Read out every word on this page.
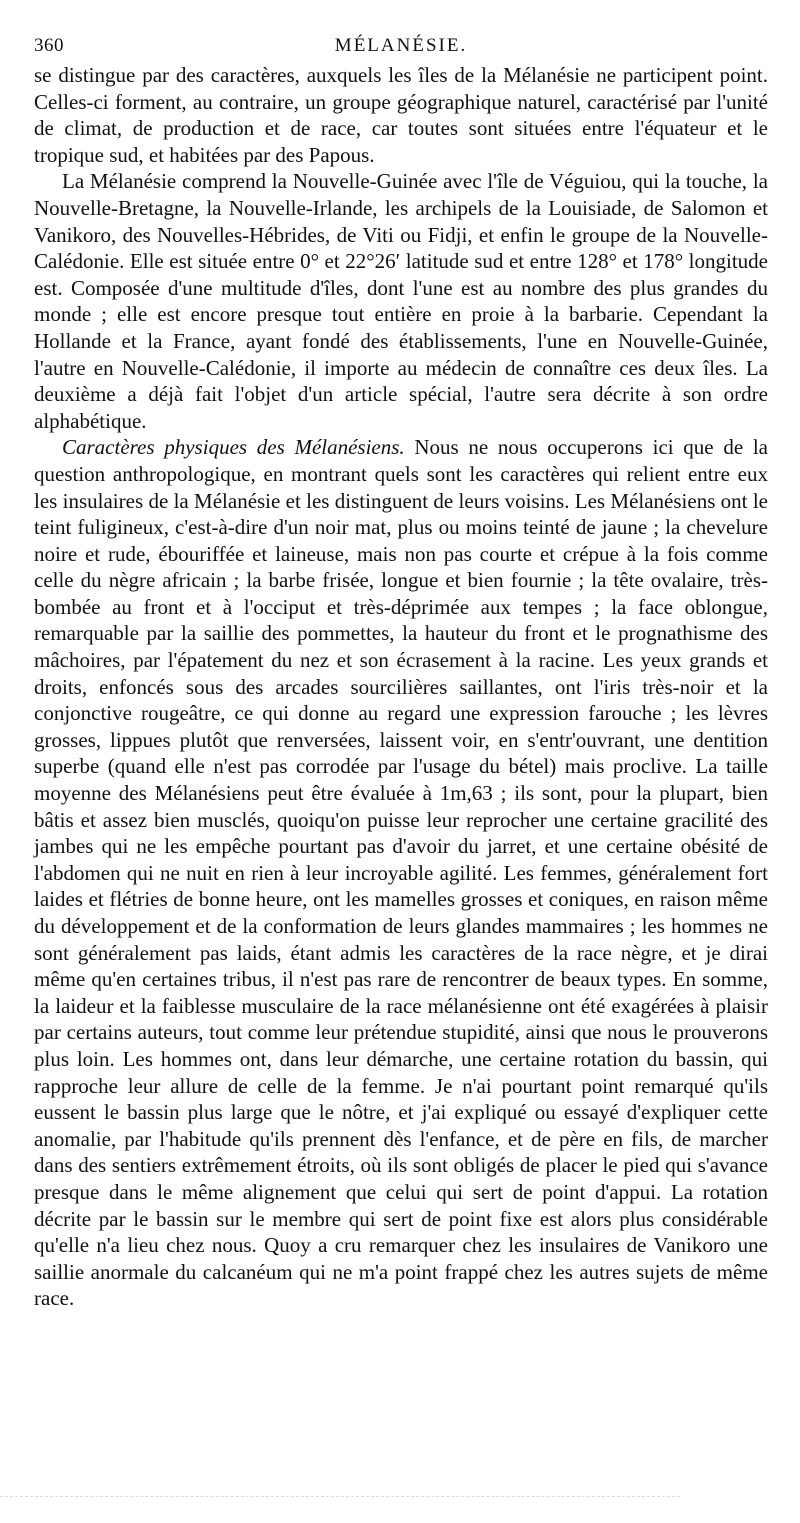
360	MÉLANÉSIE.

se distingue par des caractères, auxquels les îles de la Mélanésie ne participent point. Celles-ci forment, au contraire, un groupe géographique naturel, caractérisé par l'unité de climat, de production et de race, car toutes sont situées entre l'équateur et le tropique sud, et habitées par des Papous.

La Mélanésie comprend la Nouvelle-Guinée avec l'île de Véguiou, qui la touche, la Nouvelle-Bretagne, la Nouvelle-Irlande, les archipels de la Louisiade, de Salomon et Vanikoro, des Nouvelles-Hébrides, de Viti ou Fidji, et enfin le groupe de la Nouvelle-Calédonie. Elle est située entre 0° et 22°26′ latitude sud et entre 128° et 178° longitude est. Composée d'une multitude d'îles, dont l'une est au nombre des plus grandes du monde ; elle est encore presque tout entière en proie à la barbarie. Cependant la Hollande et la France, ayant fondé des établissements, l'une en Nouvelle-Guinée, l'autre en Nouvelle-Calédonie, il importe au médecin de connaître ces deux îles. La deuxième a déjà fait l'objet d'un article spécial, l'autre sera décrite à son ordre alphabétique.

Caractères physiques des Mélanésiens. Nous ne nous occuperons ici que de la question anthropologique, en montrant quels sont les caractères qui relient entre eux les insulaires de la Mélanésie et les distinguent de leurs voisins. Les Mélanésiens ont le teint fuligineux, c'est-à-dire d'un noir mat, plus ou moins teinté de jaune ; la chevelure noire et rude, ébouriffée et laineuse, mais non pas courte et crépue à la fois comme celle du nègre africain ; la barbe frisée, longue et bien fournie ; la tête ovalaire, très-bombée au front et à l'occiput et très-déprimée aux tempes ; la face oblongue, remarquable par la saillie des pommettes, la hauteur du front et le prognathisme des mâchoires, par l'épatement du nez et son écrasement à la racine. Les yeux grands et droits, enfoncés sous des arcades sourcilières saillantes, ont l'iris très-noir et la conjonctive rougeâtre, ce qui donne au regard une expression farouche ; les lèvres grosses, lippues plutôt que renversées, laissent voir, en s'entr'ouvrant, une dentition superbe (quand elle n'est pas corrodée par l'usage du bétel) mais proclive. La taille moyenne des Mélanésiens peut être évaluée à 1m,63 ; ils sont, pour la plupart, bien bâtis et assez bien musclés, quoiqu'on puisse leur reprocher une certaine gracilité des jambes qui ne les empêche pourtant pas d'avoir du jarret, et une certaine obésité de l'abdomen qui ne nuit en rien à leur incroyable agilité. Les femmes, généralement fort laides et flétries de bonne heure, ont les mamelles grosses et coniques, en raison même du développement et de la conformation de leurs glandes mammaires ; les hommes ne sont généralement pas laids, étant admis les caractères de la race nègre, et je dirai même qu'en certaines tribus, il n'est pas rare de rencontrer de beaux types. En somme, la laideur et la faiblesse musculaire de la race mélanésienne ont été exagérées à plaisir par certains auteurs, tout comme leur prétendue stupidité, ainsi que nous le prouverons plus loin. Les hommes ont, dans leur démarche, une certaine rotation du bassin, qui rapproche leur allure de celle de la femme. Je n'ai pourtant point remarqué qu'ils eussent le bassin plus large que le nôtre, et j'ai expliqué ou essayé d'expliquer cette anomalie, par l'habitude qu'ils prennent dès l'enfance, et de père en fils, de marcher dans des sentiers extrêmement étroits, où ils sont obligés de placer le pied qui s'avance presque dans le même alignement que celui qui sert de point d'appui. La rotation décrite par le bassin sur le membre qui sert de point fixe est alors plus considérable qu'elle n'a lieu chez nous. Quoy a cru remarquer chez les insulaires de Vanikoro une saillie anormale du calcanéum qui ne m'a point frappé chez les autres sujets de même race.
